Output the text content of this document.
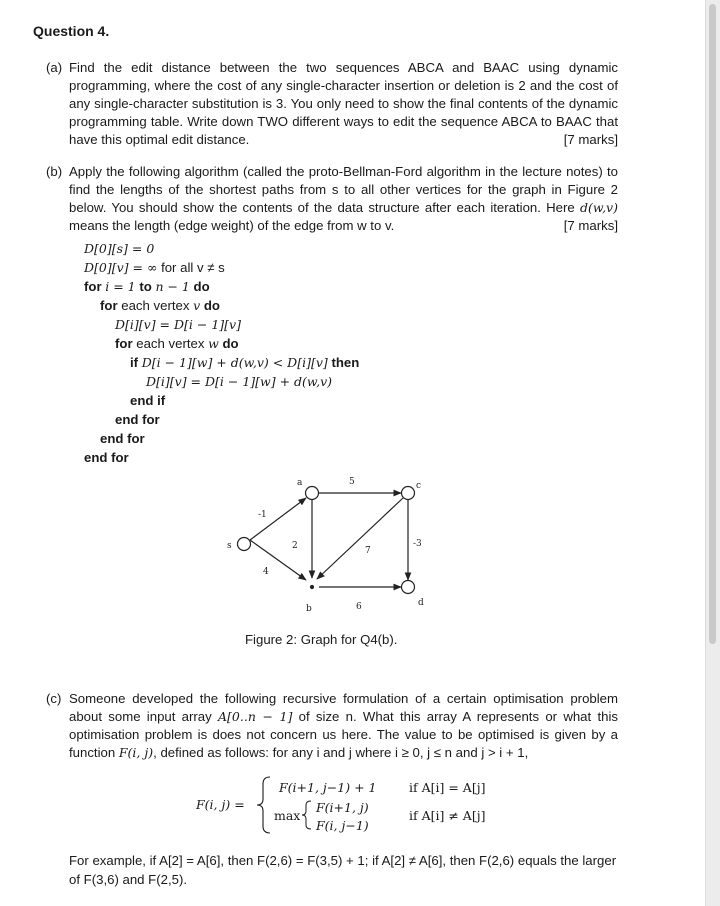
Question 4.
(a) Find the edit distance between the two sequences ABCA and BAAC using dynamic programming, where the cost of any single-character insertion or deletion is 2 and the cost of any single-character substitution is 3. You only need to show the final contents of the dynamic programming table. Write down TWO different ways to edit the sequence ABCA to BAAC that have this optimal edit distance.	[7 marks]
(b) Apply the following algorithm (called the proto-Bellman-Ford algorithm in the lecture notes) to find the lengths of the shortest paths from s to all other vertices for the graph in Figure 2 below. You should show the contents of the data structure after each iteration. Here d(w,v) means the length (edge weight) of the edge from w to v.	[7 marks]
D[0][s] = 0
D[0][v] = ∞ for all v ≠ s
for i = 1 to n − 1 do
for each vertex v do
D[i][v] = D[i − 1][v]
for each vertex w do
if D[i − 1][w] + d(w,v) < D[i][v] then
D[i][v] = D[i − 1][w] + d(w,v)
end if
end for
end for
end for
s
a	c
d
b
-1
4
2
5
7
-3
6
Figure 2: Graph for Q4(b).
(c) Someone developed the following recursive formulation of a certain optimisation problem about some input array A[0..n − 1] of size n. What this array A represents or what this optimisation problem is does not concern us here. The value to be optimised is given by a function F(i, j), defined as follows: for any i and j where i ≥ 0, j ≤ n and j > i + 1,
F(i, j) =
F(i+1, j−1) + 1	if A[i] = A[j]
max
F(i+1, j)
F(i, j−1)
if A[i] ≠ A[j]
For example, if A[2] = A[6], then F(2,6) = F(3,5) + 1; if A[2] ≠ A[6], then F(2,6) equals the larger of F(3,6) and F(2,5).
